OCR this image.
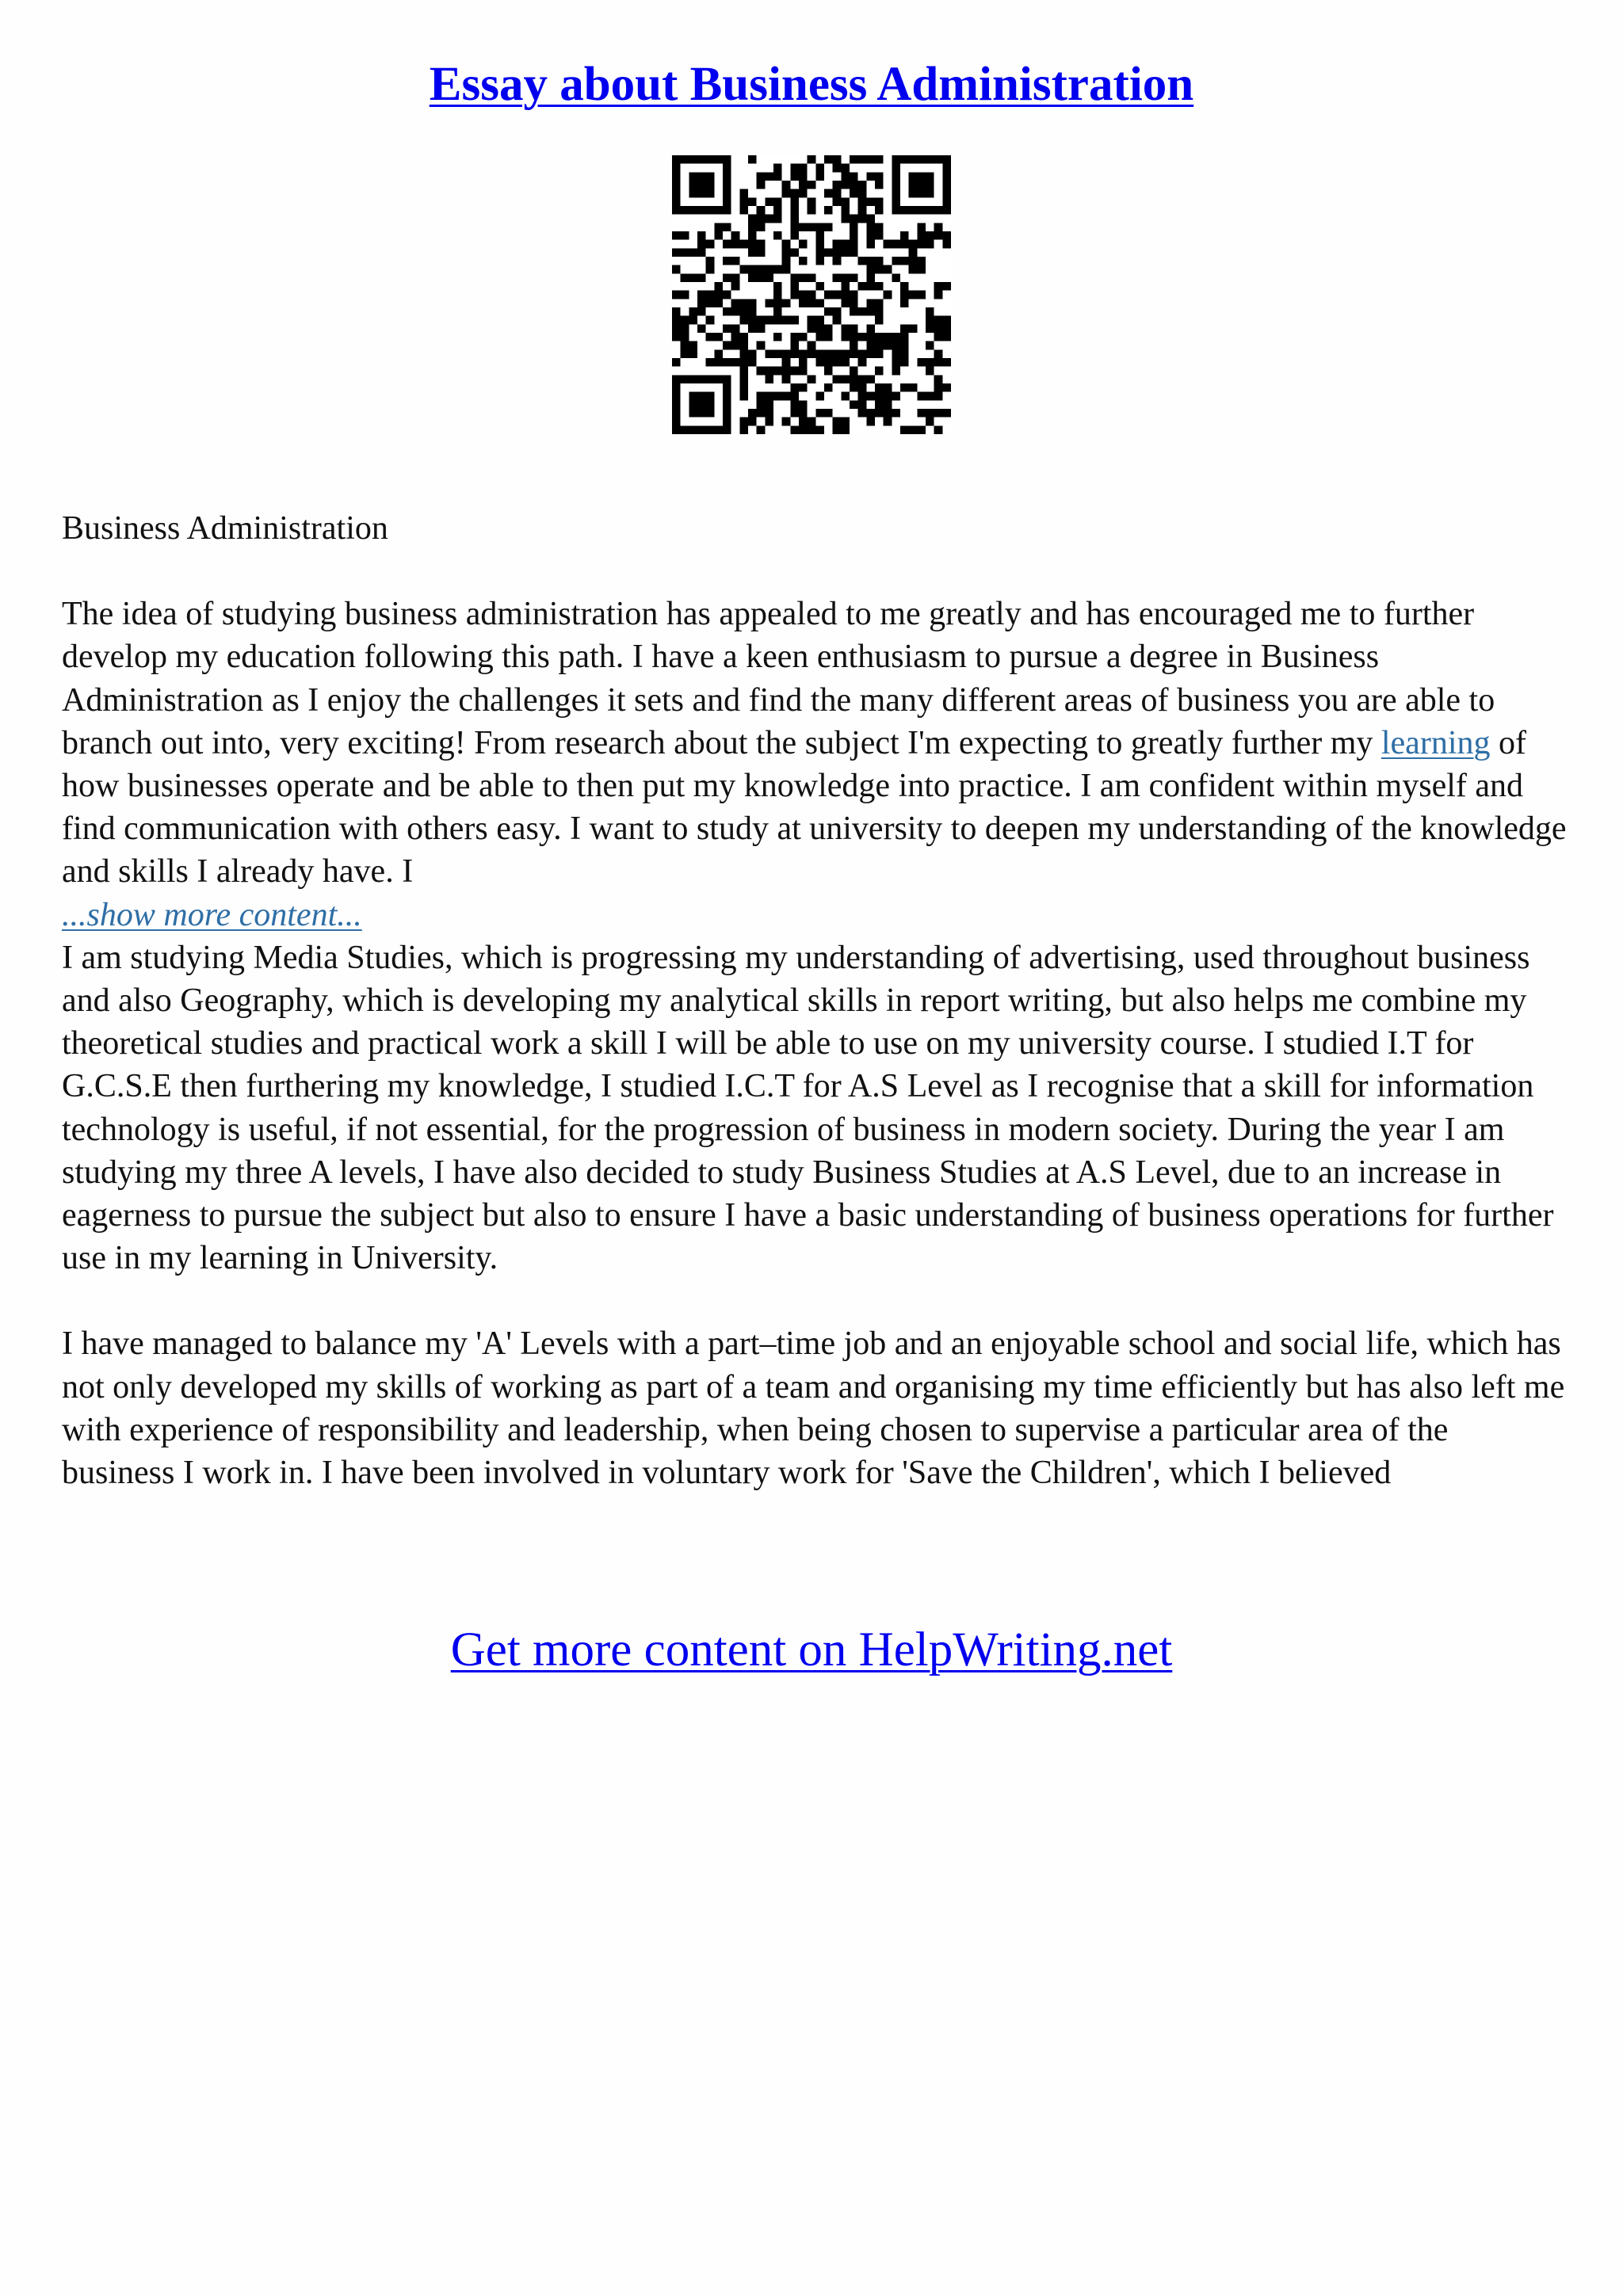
Essay about Business Administration

Business Administration

The idea of studying business administration has appealed to me greatly and has encouraged me to further develop my education following this path. I have a keen enthusiasm to pursue a degree in Business Administration as I enjoy the challenges it sets and find the many different areas of business you are able to branch out into, very exciting! From research about the subject I'm expecting to greatly further my learning of how businesses operate and be able to then put my knowledge into practice. I am confident within myself and find communication with others easy. I want to study at university to deepen my understanding of the knowledge and skills I already have. I

...show more content...

I am studying Media Studies, which is progressing my understanding of advertising, used throughout business and also Geography, which is developing my analytical skills in report writing, but also helps me combine my theoretical studies and practical work a skill I will be able to use on my university course. I studied I.T for G.C.S.E then furthering my knowledge, I studied I.C.T for A.S Level as I recognise that a skill for information technology is useful, if not essential, for the progression of business in modern society. During the year I am studying my three A levels, I have also decided to study Business Studies at A.S Level, due to an increase in eagerness to pursue the subject but also to ensure I have a basic understanding of business operations for further use in my learning in University.

I have managed to balance my 'A' Levels with a part–time job and an enjoyable school and social life, which has not only developed my skills of working as part of a team and organising my time efficiently but has also left me with experience of responsibility and leadership, when being chosen to supervise a particular area of the business I work in. I have been involved in voluntary work for 'Save the Children', which I believed

Get more content on HelpWriting.net
